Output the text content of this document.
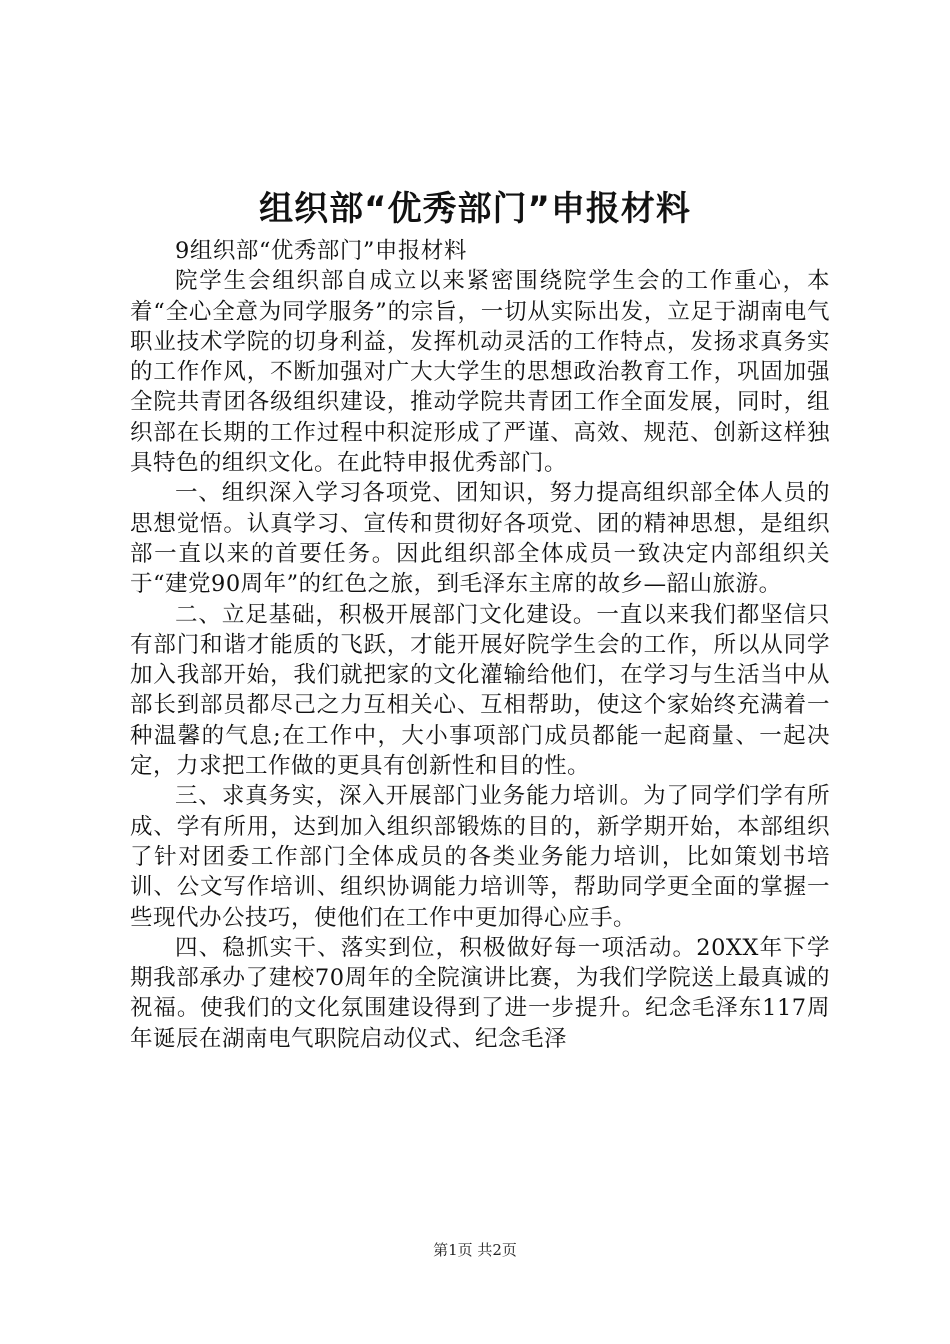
组织部“优秀部门”申报材料

9组织部“优秀部门”申报材料

院学生会组织部自成立以来紧密围绕院学生会的工作重心，本着“全心全意为同学服务”的宗旨，一切从实际出发，立足于湖南电气职业技术学院的切身利益，发挥机动灵活的工作特点，发扬求真务实的工作作风，不断加强对广大大学生的思想政治教育工作，巩固加强全院共青团各级组织建设，推动学院共青团工作全面发展，同时，组织部在长期的工作过程中积淀形成了严谨、高效、规范、创新这样独具特色的组织文化。在此特申报优秀部门。

一、组织深入学习各项党、团知识，努力提高组织部全体人员的思想觉悟。认真学习、宣传和贯彻好各项党、团的精神思想，是组织部一直以来的首要任务。因此组织部全体成员一致决定内部组织关于“建党90周年”的红色之旅，到毛泽东主席的故乡—韶山旅游。

二、立足基础，积极开展部门文化建设。一直以来我们都坚信只有部门和谐才能质的飞跃，才能开展好院学生会的工作，所以从同学加入我部开始，我们就把家的文化灌输给他们，在学习与生活当中从部长到部员都尽己之力互相关心、互相帮助，使这个家始终充满着一种温馨的气息;在工作中，大小事项部门成员都能一起商量、一起决定，力求把工作做的更具有创新性和目的性。

三、求真务实，深入开展部门业务能力培训。为了同学们学有所成、学有所用，达到加入组织部锻炼的目的，新学期开始，本部组织了针对团委工作部门全体成员的各类业务能力培训，比如策划书培训、公文写作培训、组织协调能力培训等，帮助同学更全面的掌握一些现代办公技巧，使他们在工作中更加得心应手。

四、稳抓实干、落实到位，积极做好每一项活动。20XX年下学期我部承办了建校70周年的全院演讲比赛，为我们学院送上最真诚的祝福。使我们的文化氛围建设得到了进一步提升。纪念毛泽东117周年诞辰在湖南电气职院启动仪式、纪念毛泽

第1页 共2页
